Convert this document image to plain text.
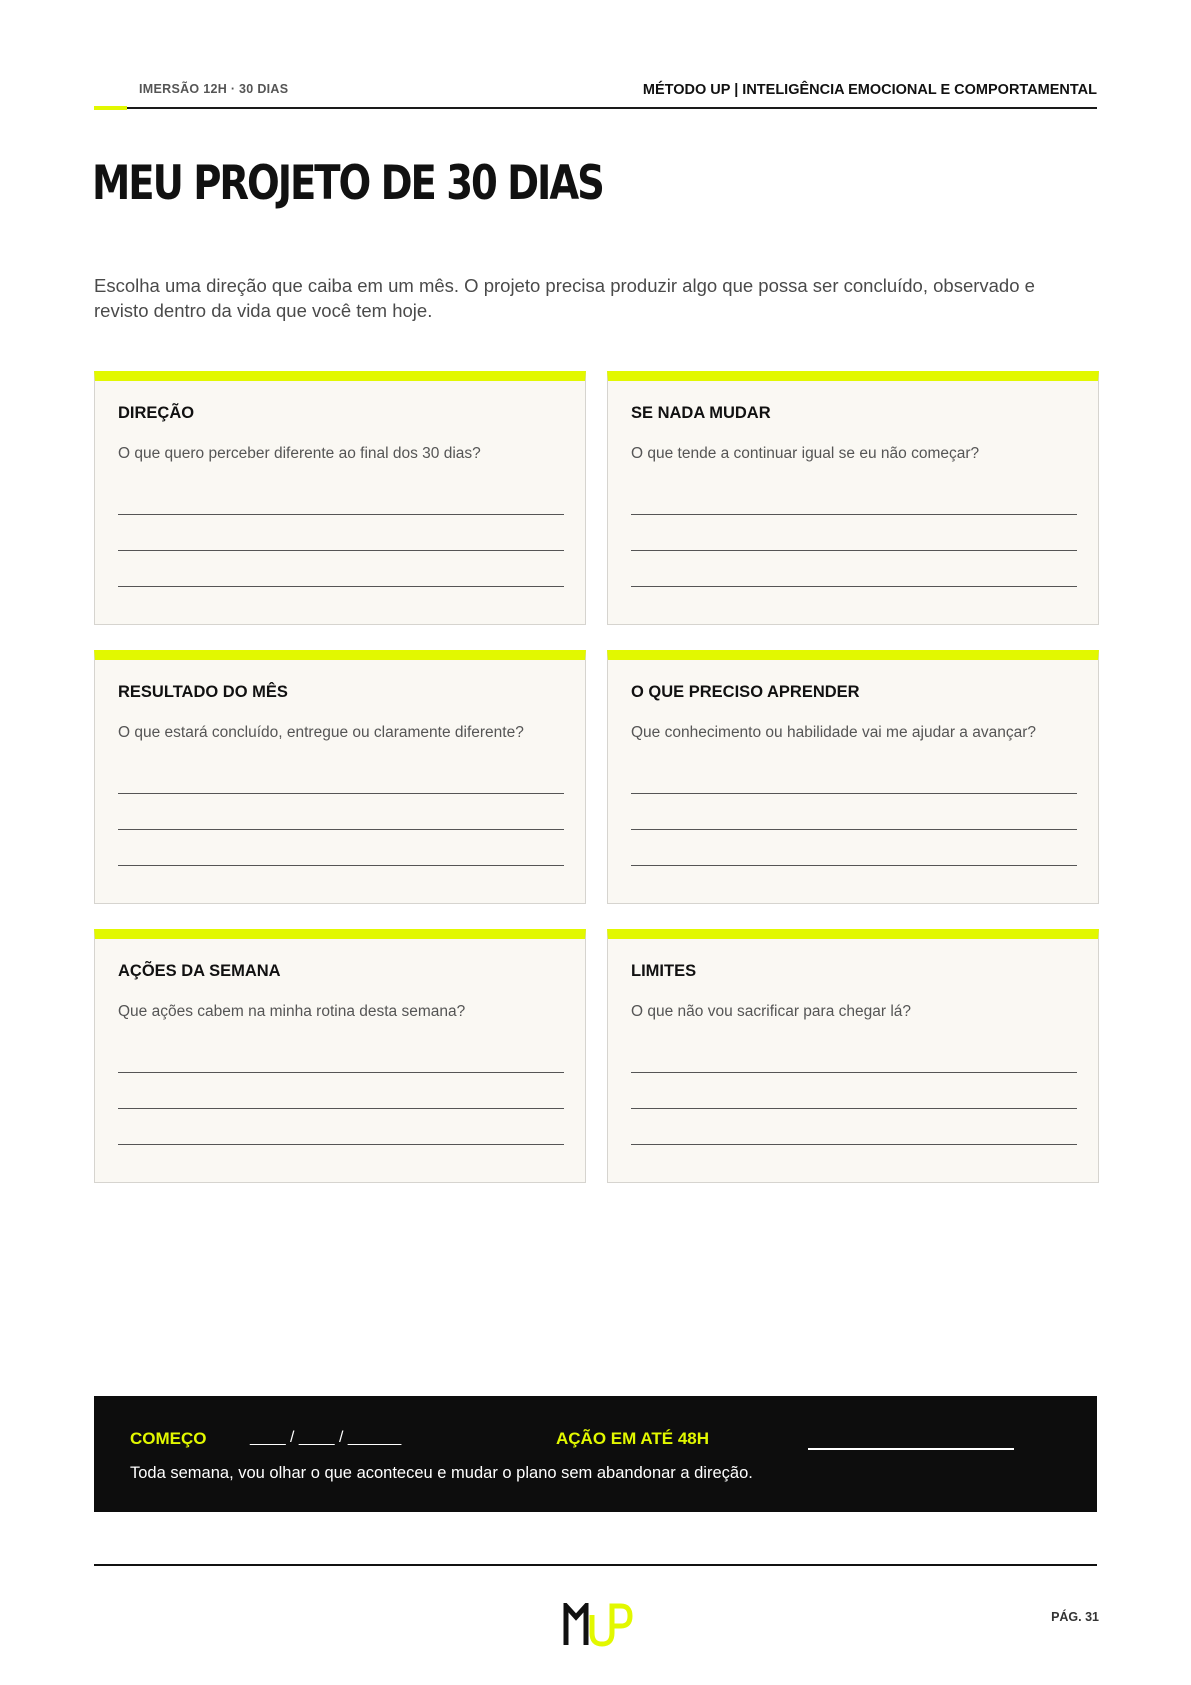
IMERSÃO 12H · 30 DIAS	MÉTODO UP | INTELIGÊNCIA EMOCIONAL E COMPORTAMENTAL
MEU PROJETO DE 30 DIAS

Escolha uma direção que caiba em um mês. O projeto precisa produzir algo que possa ser concluído, observado e revisto dentro da vida que você tem hoje.

DIREÇÃO
O que quero perceber diferente ao final dos 30 dias?
SE NADA MUDAR
O que tende a continuar igual se eu não começar?
RESULTADO DO MÊS
O que estará concluído, entregue ou claramente diferente?
O QUE PRECISO APRENDER
Que conhecimento ou habilidade vai me ajudar a avançar?
AÇÕES DA SEMANA
Que ações cabem na minha rotina desta semana?
LIMITES
O que não vou sacrificar para chegar lá?
COMEÇO	____ / ____ / ______	AÇÃO EM ATÉ 48H
Toda semana, vou olhar o que aconteceu e mudar o plano sem abandonar a direção.
PÁG. 31
